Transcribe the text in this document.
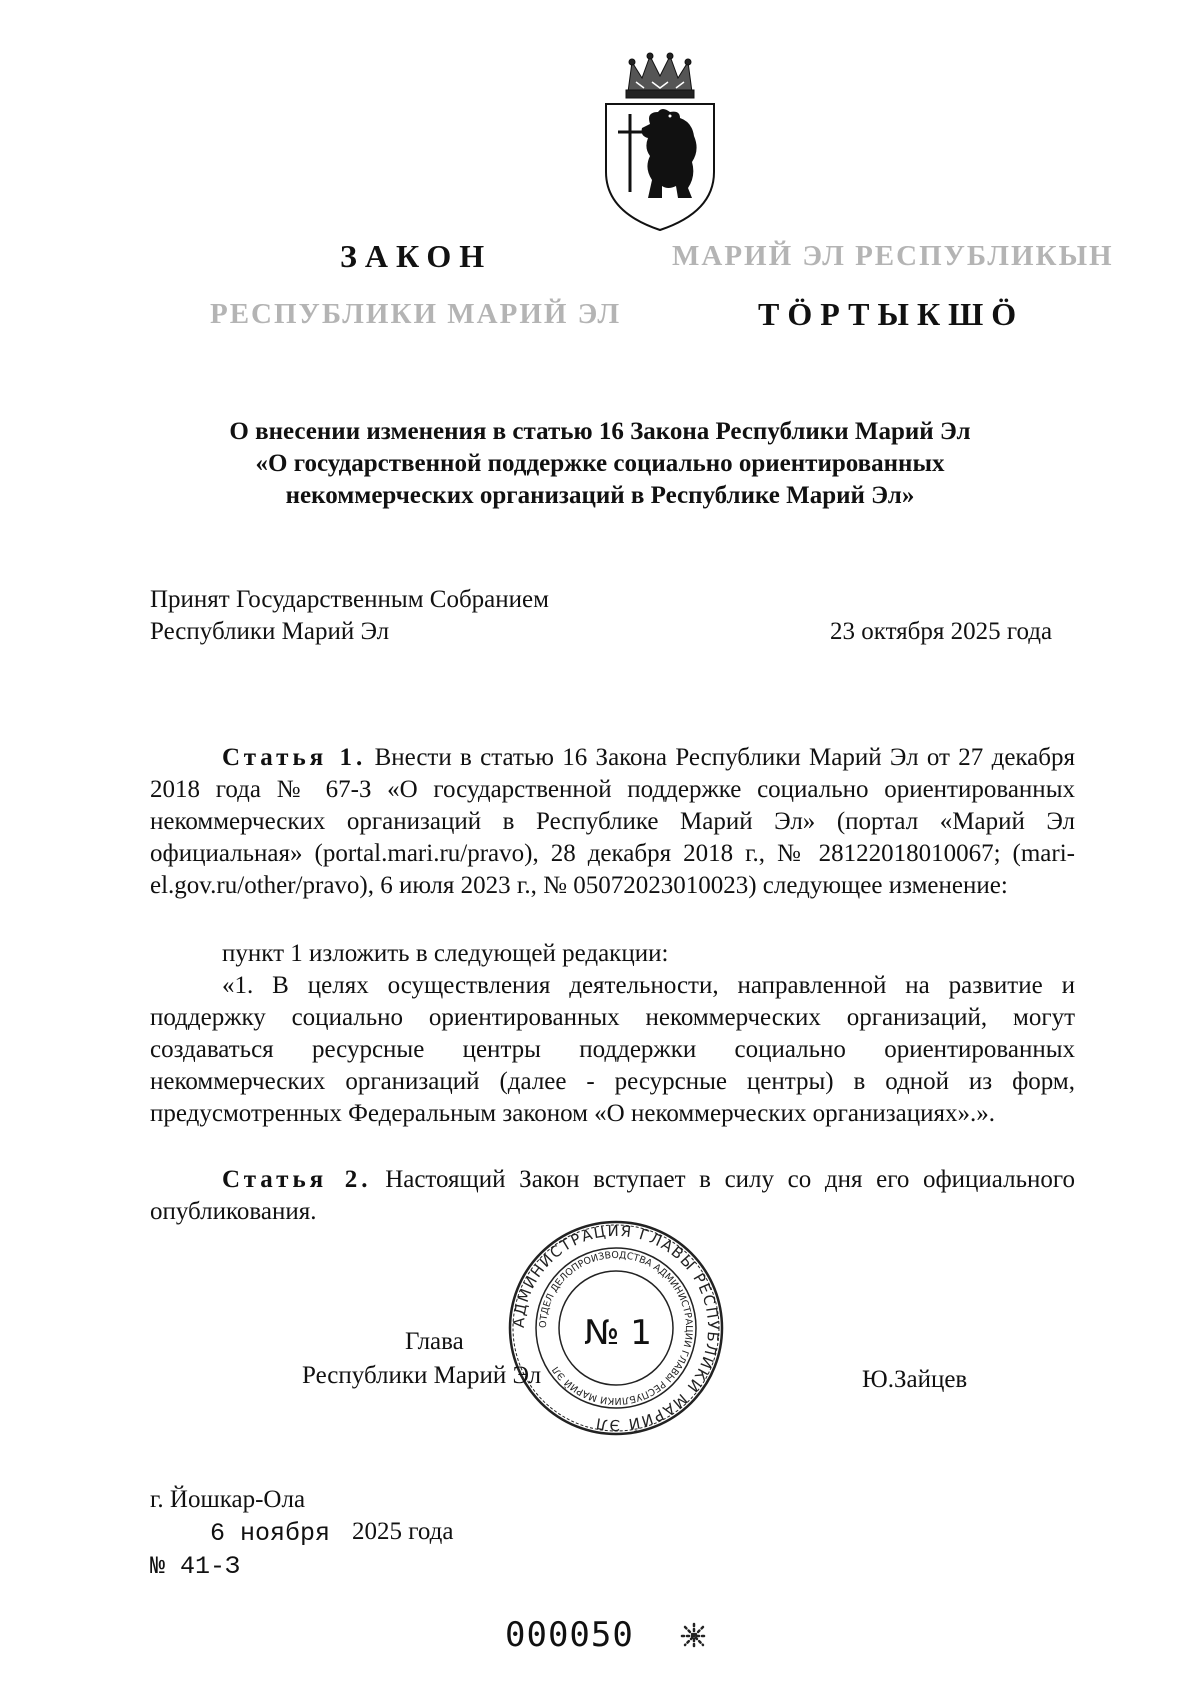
ЗАКОН
РЕСПУБЛИКИ МАРИЙ ЭЛ
МАРИЙ ЭЛ РЕСПУБЛИКЫН
ТӦРТЫКШӦ
О внесении изменения в статью 16 Закона Республики Марий Эл
«О государственной поддержке социально ориентированных
некоммерческих организаций в Республике Марий Эл»
Принят Государственным Собранием
Республики Марий Эл	23 октября 2025 года
Статья 1. Внести в статью 16 Закона Республики Марий Эл от 27 декабря 2018 года № 67-З «О государственной поддержке социально ориентированных некоммерческих организаций в Республике Марий Эл» (портал «Марий Эл официальная» (portal.mari.ru/pravo), 28 декабря 2018 г., № 28122018010067; (mari-el.gov.ru/other/pravo), 6 июля 2023 г., № 05072023010023) следующее изменение:
пункт 1 изложить в следующей редакции:
«1. В целях осуществления деятельности, направленной на развитие и поддержку социально ориентированных некоммерческих организаций, могут создаваться ресурсные центры поддержки социально ориентированных некоммерческих организаций (далее - ресурсные центры) в одной из форм, предусмотренных Федеральным законом «О некоммерческих организациях».».
Статья 2. Настоящий Закон вступает в силу со дня его официального опубликования.
АДМИНИСТРАЦИЯ ГЛАВЫ РЕСПУБЛИКИ МАРИЙ ЭЛ
ОТДЕЛ ДЕЛОПРОИЗВОДСТВА АДМИНИСТРАЦИИ ГЛАВЫ РЕСПУБЛИКИ МАРИЙ ЭЛ
№ 1
Глава
Республики Марий Эл	Ю.Зайцев
г. Йошкар-Ола
6 ноября 2025 года
№ 41-З
000050
